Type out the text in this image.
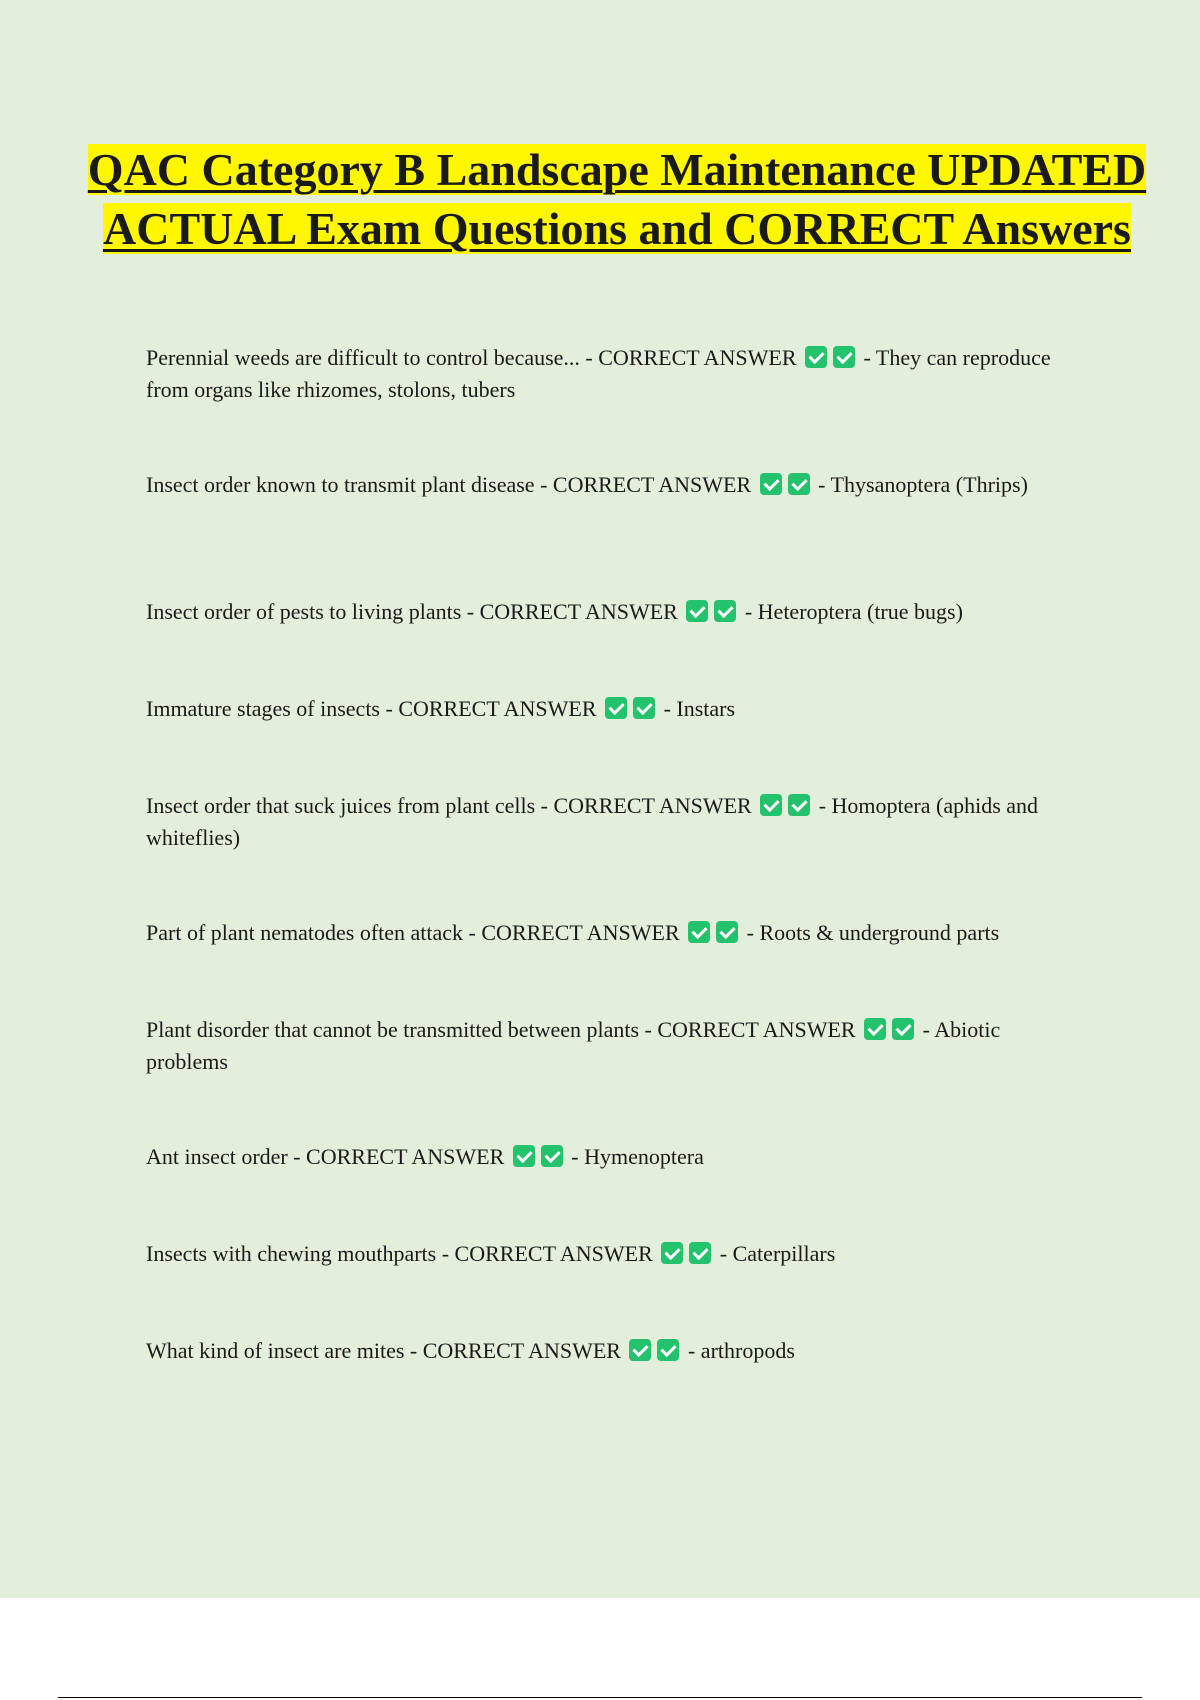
QAC Category B Landscape Maintenance UPDATED ACTUAL Exam Questions and CORRECT Answers

Perennial weeds are difficult to control because... - CORRECT ANSWER	- They can reproduce from organs like rhizomes, stolons, tubers

Insect order known to transmit plant disease - CORRECT ANSWER	- Thysanoptera (Thrips)

Insect order of pests to living plants - CORRECT ANSWER	- Heteroptera (true bugs)

Immature stages of insects - CORRECT ANSWER	- Instars

Insect order that suck juices from plant cells - CORRECT ANSWER	- Homoptera (aphids and whiteflies)

Part of plant nematodes often attack - CORRECT ANSWER	- Roots & underground parts

Plant disorder that cannot be transmitted between plants - CORRECT ANSWER	- Abiotic problems

Ant insect order - CORRECT ANSWER	- Hymenoptera

Insects with chewing mouthparts - CORRECT ANSWER	- Caterpillars

What kind of insect are mites - CORRECT ANSWER	- arthropods
